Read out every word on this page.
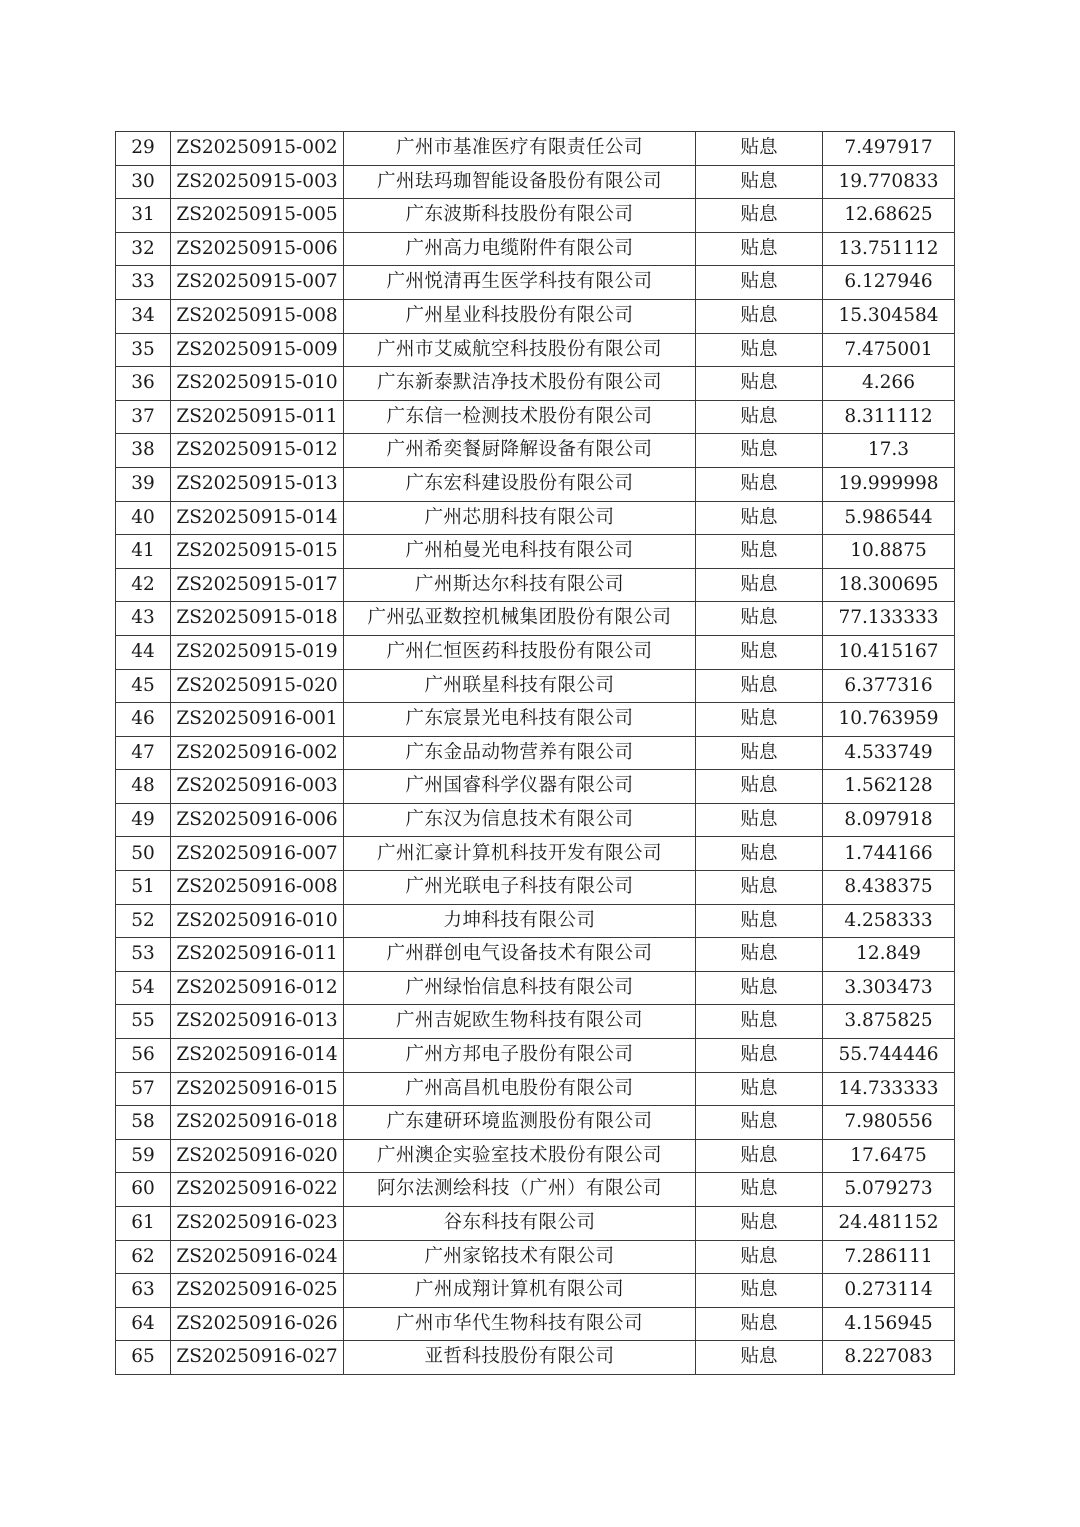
29	ZS20250915-002	广州市基准医疗有限责任公司	贴息	7.497917
30	ZS20250915-003	广州珐玛珈智能设备股份有限公司	贴息	19.770833
31	ZS20250915-005	广东波斯科技股份有限公司	贴息	12.68625
32	ZS20250915-006	广州高力电缆附件有限公司	贴息	13.751112
33	ZS20250915-007	广州悦清再生医学科技有限公司	贴息	6.127946
34	ZS20250915-008	广州星业科技股份有限公司	贴息	15.304584
35	ZS20250915-009	广州市艾威航空科技股份有限公司	贴息	7.475001
36	ZS20250915-010	广东新泰默洁净技术股份有限公司	贴息	4.266
37	ZS20250915-011	广东信一检测技术股份有限公司	贴息	8.311112
38	ZS20250915-012	广州希奕餐厨降解设备有限公司	贴息	17.3
39	ZS20250915-013	广东宏科建设股份有限公司	贴息	19.999998
40	ZS20250915-014	广州芯朋科技有限公司	贴息	5.986544
41	ZS20250915-015	广州柏曼光电科技有限公司	贴息	10.8875
42	ZS20250915-017	广州斯达尔科技有限公司	贴息	18.300695
43	ZS20250915-018	广州弘亚数控机械集团股份有限公司	贴息	77.133333
44	ZS20250915-019	广州仁恒医药科技股份有限公司	贴息	10.415167
45	ZS20250915-020	广州联星科技有限公司	贴息	6.377316
46	ZS20250916-001	广东宸景光电科技有限公司	贴息	10.763959
47	ZS20250916-002	广东金品动物营养有限公司	贴息	4.533749
48	ZS20250916-003	广州国睿科学仪器有限公司	贴息	1.562128
49	ZS20250916-006	广东汉为信息技术有限公司	贴息	8.097918
50	ZS20250916-007	广州汇豪计算机科技开发有限公司	贴息	1.744166
51	ZS20250916-008	广州光联电子科技有限公司	贴息	8.438375
52	ZS20250916-010	力坤科技有限公司	贴息	4.258333
53	ZS20250916-011	广州群创电气设备技术有限公司	贴息	12.849
54	ZS20250916-012	广州绿怡信息科技有限公司	贴息	3.303473
55	ZS20250916-013	广州吉妮欧生物科技有限公司	贴息	3.875825
56	ZS20250916-014	广州方邦电子股份有限公司	贴息	55.744446
57	ZS20250916-015	广州高昌机电股份有限公司	贴息	14.733333
58	ZS20250916-018	广东建研环境监测股份有限公司	贴息	7.980556
59	ZS20250916-020	广州澳企实验室技术股份有限公司	贴息	17.6475
60	ZS20250916-022	阿尔法测绘科技（广州）有限公司	贴息	5.079273
61	ZS20250916-023	谷东科技有限公司	贴息	24.481152
62	ZS20250916-024	广州家铭技术有限公司	贴息	7.286111
63	ZS20250916-025	广州成翔计算机有限公司	贴息	0.273114
64	ZS20250916-026	广州市华代生物科技有限公司	贴息	4.156945
65	ZS20250916-027	亚哲科技股份有限公司	贴息	8.227083
